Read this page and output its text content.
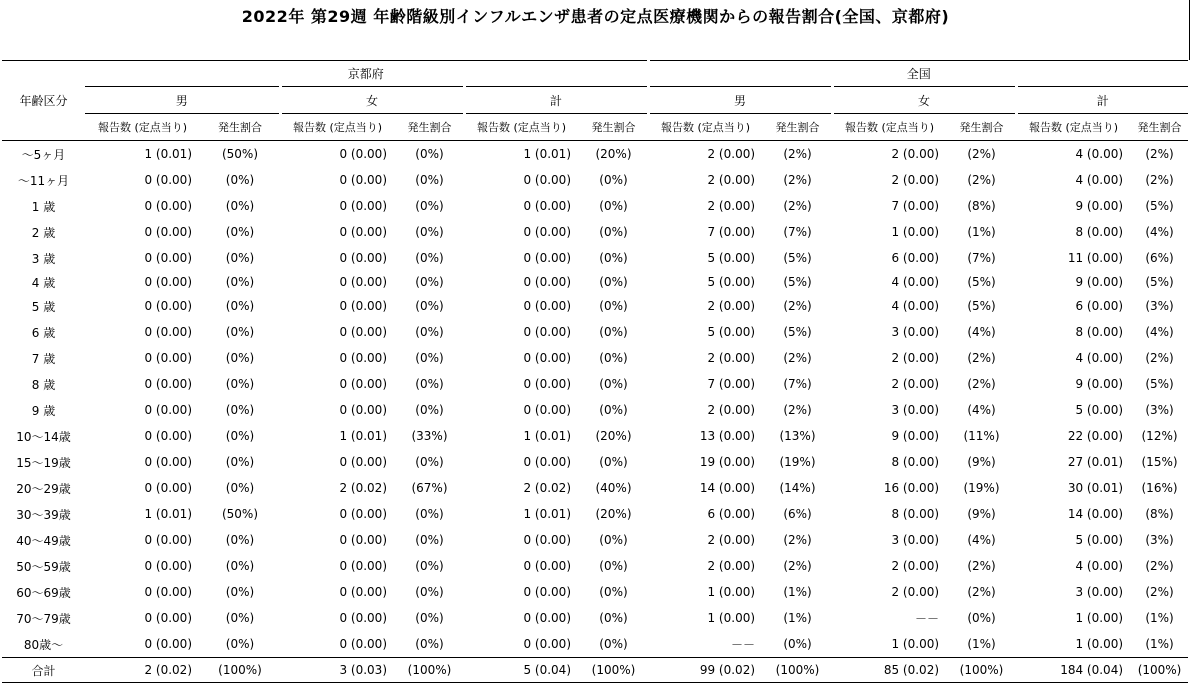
2022年 第29週 年齢階級別インフルエンザ患者の定点医療機関からの報告割合(全国、京都府)
年齢区分	京都府						全国					
	男		女		計		男		女		計	
	報告数 (定点当り)	発生割合	報告数 (定点当り)	発生割合	報告数 (定点当り)	発生割合	報告数 (定点当り)	発生割合	報告数 (定点当り)	発生割合	報告数 (定点当り)	発生割合
～5ヶ月	1 (0.01)	(50%)	0 (0.00)	(0%)	1 (0.01)	(20%)	2 (0.00)	(2%)	2 (0.00)	(2%)	4 (0.00)	(2%)
～11ヶ月	0 (0.00)	(0%)	0 (0.00)	(0%)	0 (0.00)	(0%)	2 (0.00)	(2%)	2 (0.00)	(2%)	4 (0.00)	(2%)
1 歳	0 (0.00)	(0%)	0 (0.00)	(0%)	0 (0.00)	(0%)	2 (0.00)	(2%)	7 (0.00)	(8%)	9 (0.00)	(5%)
2 歳	0 (0.00)	(0%)	0 (0.00)	(0%)	0 (0.00)	(0%)	7 (0.00)	(7%)	1 (0.00)	(1%)	8 (0.00)	(4%)
3 歳	0 (0.00)	(0%)	0 (0.00)	(0%)	0 (0.00)	(0%)	5 (0.00)	(5%)	6 (0.00)	(7%)	11 (0.00)	(6%)
4 歳	0 (0.00)	(0%)	0 (0.00)	(0%)	0 (0.00)	(0%)	5 (0.00)	(5%)	4 (0.00)	(5%)	9 (0.00)	(5%)
5 歳	0 (0.00)	(0%)	0 (0.00)	(0%)	0 (0.00)	(0%)	2 (0.00)	(2%)	4 (0.00)	(5%)	6 (0.00)	(3%)
6 歳	0 (0.00)	(0%)	0 (0.00)	(0%)	0 (0.00)	(0%)	5 (0.00)	(5%)	3 (0.00)	(4%)	8 (0.00)	(4%)
7 歳	0 (0.00)	(0%)	0 (0.00)	(0%)	0 (0.00)	(0%)	2 (0.00)	(2%)	2 (0.00)	(2%)	4 (0.00)	(2%)
8 歳	0 (0.00)	(0%)	0 (0.00)	(0%)	0 (0.00)	(0%)	7 (0.00)	(7%)	2 (0.00)	(2%)	9 (0.00)	(5%)
9 歳	0 (0.00)	(0%)	0 (0.00)	(0%)	0 (0.00)	(0%)	2 (0.00)	(2%)	3 (0.00)	(4%)	5 (0.00)	(3%)
10～14歳	0 (0.00)	(0%)	1 (0.01)	(33%)	1 (0.01)	(20%)	13 (0.00)	(13%)	9 (0.00)	(11%)	22 (0.00)	(12%)
15～19歳	0 (0.00)	(0%)	0 (0.00)	(0%)	0 (0.00)	(0%)	19 (0.00)	(19%)	8 (0.00)	(9%)	27 (0.01)	(15%)
20～29歳	0 (0.00)	(0%)	2 (0.02)	(67%)	2 (0.02)	(40%)	14 (0.00)	(14%)	16 (0.00)	(19%)	30 (0.01)	(16%)
30～39歳	1 (0.01)	(50%)	0 (0.00)	(0%)	1 (0.01)	(20%)	6 (0.00)	(6%)	8 (0.00)	(9%)	14 (0.00)	(8%)
40～49歳	0 (0.00)	(0%)	0 (0.00)	(0%)	0 (0.00)	(0%)	2 (0.00)	(2%)	3 (0.00)	(4%)	5 (0.00)	(3%)
50～59歳	0 (0.00)	(0%)	0 (0.00)	(0%)	0 (0.00)	(0%)	2 (0.00)	(2%)	2 (0.00)	(2%)	4 (0.00)	(2%)
60～69歳	0 (0.00)	(0%)	0 (0.00)	(0%)	0 (0.00)	(0%)	1 (0.00)	(1%)	2 (0.00)	(2%)	3 (0.00)	(2%)
70～79歳	0 (0.00)	(0%)	0 (0.00)	(0%)	0 (0.00)	(0%)	1 (0.00)	(1%)	－－	(0%)	1 (0.00)	(1%)
80歳～	0 (0.00)	(0%)	0 (0.00)	(0%)	0 (0.00)	(0%)	－－	(0%)	1 (0.00)	(1%)	1 (0.00)	(1%)
合計	2 (0.02)	(100%)	3 (0.03)	(100%)	5 (0.04)	(100%)	99 (0.02)	(100%)	85 (0.02)	(100%)	184 (0.04)	(100%)
